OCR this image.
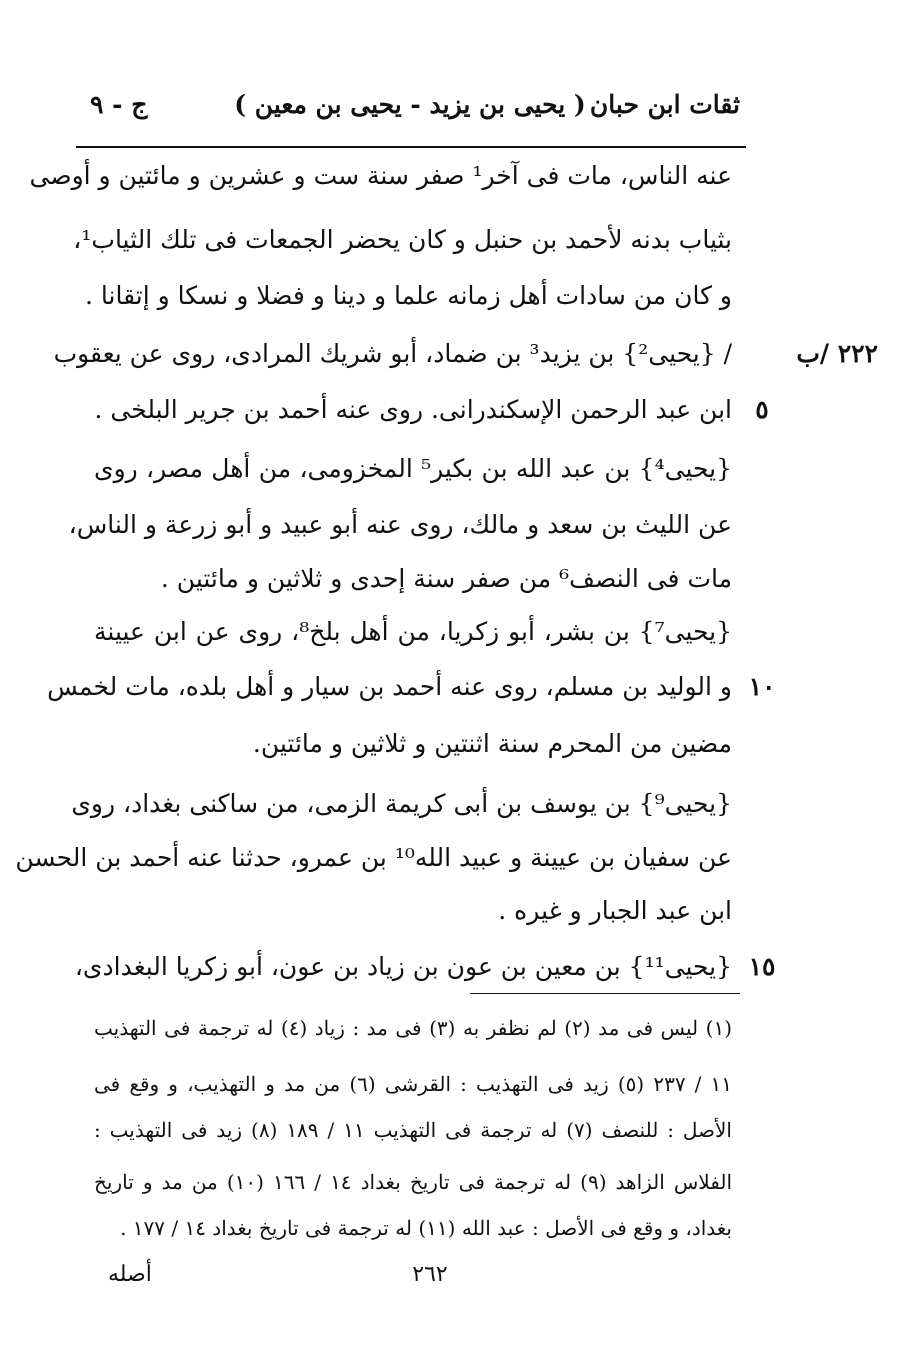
ثقات ابن حبان
( يحيى بن يزيد - يحيى بن معين )
ج - ٩
عنه الناس، مات فى آخر¹ صفر سنة ست و عشرين و مائتين و أوصى
بثياب بدنه لأحمد بن حنبل و كان يحضر الجمعات فى تلك الثياب¹،
و كان من سادات أهل زمانه علما و دينا و فضلا و نسكا و إتقانا .
٢٢٢ /ب
/ {يحيى²} بن يزيد³ بن ضماد، أبو شريك المرادى، روى عن يعقوب
٥
ابن عبد الرحمن الإسكندرانى. روى عنه أحمد بن جرير البلخى .
{يحيى⁴} بن عبد الله بن بكير⁵ المخزومى، من أهل مصر، روى
عن الليث بن سعد و مالك، روى عنه أبو عبيد و أبو زرعة و الناس،
مات فى النصف⁶ من صفر سنة إحدى و ثلاثين و مائتين .
{يحيى⁷} بن بشر، أبو زكريا، من أهل بلخ⁸، روى عن ابن عيينة
١٠
و الوليد بن مسلم، روى عنه أحمد بن سيار و أهل بلده، مات لخمس
مضين من المحرم سنة اثنتين و ثلاثين و مائتين.
{يحيى⁹} بن يوسف بن أبى كريمة الزمى، من ساكنى بغداد، روى
عن سفيان بن عيينة و عبيد الله¹⁰ بن عمرو، حدثنا عنه أحمد بن الحسن
ابن عبد الجبار و غيره .
١٥
{يحيى¹¹} بن معين بن عون بن زياد بن عون، أبو زكريا البغدادى،
(١) ليس فى مد (٢) لم نظفر به (٣) فى مد : زياد (٤) له ترجمة فى التهذيب
١١ / ٢٣٧ (٥) زيد فى التهذيب : القرشى (٦) من مد و التهذيب، و وقع فى
الأصل : للنصف (٧) له ترجمة فى التهذيب ١١ / ١٨٩ (٨) زيد فى التهذيب :
الفلاس الزاهد (٩) له ترجمة فى تاريخ بغداد ١٤ / ١٦٦ (١٠) من مد و تاريخ
بغداد، و وقع فى الأصل : عبد الله (١١) له ترجمة فى تاريخ بغداد ١٤ / ١٧٧ .
٢٦٢
أصله
